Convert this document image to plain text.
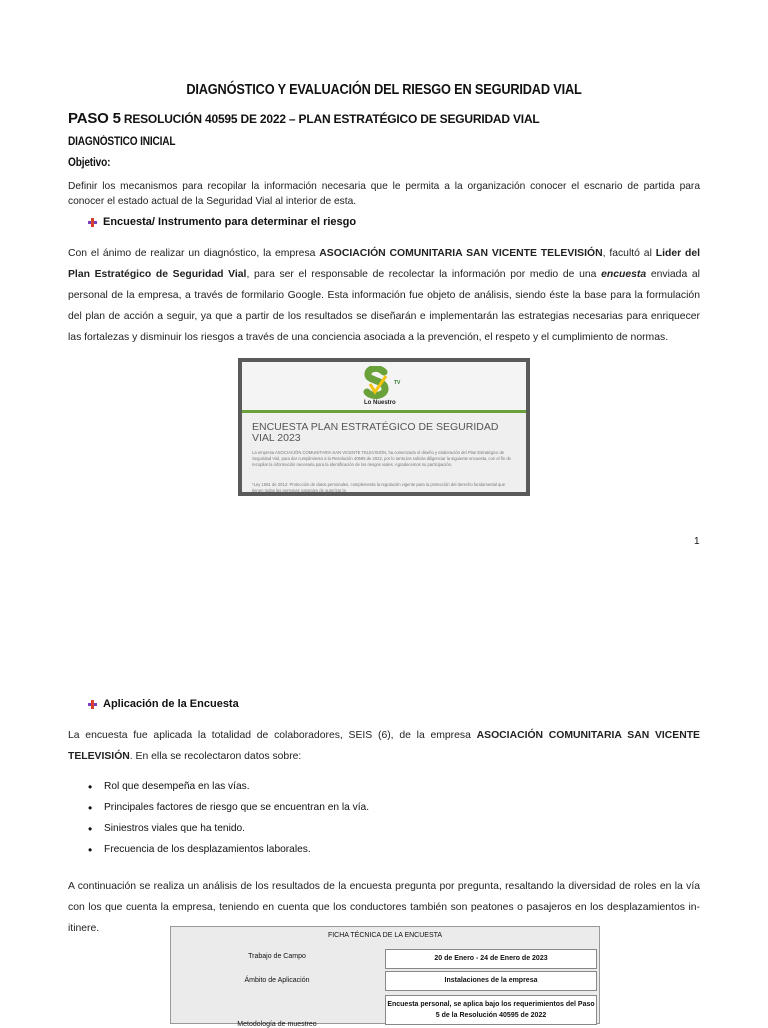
DIAGNÓSTICO Y EVALUACIÓN DEL RIESGO EN SEGURIDAD VIAL
PASO 5 RESOLUCIÓN 40595 DE 2022 – PLAN ESTRATÉGICO DE SEGURIDAD VIAL
DIAGNÓSTICO INICIAL
Objetivo:
Definir los mecanismos para recopilar la información necesaria que le permita a la organización conocer el escnario de partida para conocer el estado actual de la Seguridad Vial al interior de esta.
Encuesta/ Instrumento para determinar el riesgo
Con el ánimo de realizar un diagnóstico, la empresa ASOCIACIÓN COMUNITARIA SAN VICENTE TELEVISIÓN, facultó al Lider del Plan Estratégico de Seguridad Vial, para ser el responsable de recolectar la información por medio de una encuesta enviada al personal de la empresa, a través de formilario Google. Esta información fue objeto de análisis, siendo éste la base para la formulación del plan de acción a seguir, ya que a partir de los resultados se diseñarán e implementarán las estrategias necesarias para enriquecer las fortalezas y disminuir los riesgos a través de una conciencia asociada a la prevención, el respeto y el cumplimiento de normas.
TV
Lo Nuestro
ENCUESTA PLAN ESTRATÉGICO DE SEGURIDAD VIAL 2023
La empresa ASOCIACIÓN COMUNITARIA SAN VICENTE TELEVISIÓN, ha comenzado el diseño y elaboración del Plan Estratégico de Seguridad Vial, para dar cumplimiento a la Resolución 40595 de 2022, por lo tanto,les solicita diligenciar la siguiente encuesta, con el fin de recopilar la información necesaria para la identificación de los riesgos viales. Agradecemos su participación.
*Ley 1581 de 2012: Protección de datos personales, complementa la regulación vigente para la protección del derecho fundamental que tienen todas las personas naturales de autorizar la
1
Aplicación de la Encuesta
La encuesta fue aplicada la totalidad de colaboradores, SEIS (6), de la empresa ASOCIACIÓN COMUNITARIA SAN VICENTE TELEVISIÓN. En ella se recolectaron datos sobre:
• Rol que desempeña en las vías.
• Principales factores de riesgo que se encuentran en la vía.
• Siniestros viales que ha tenido.
• Frecuencia de los desplazamientos laborales.
A continuación se realiza un análisis de los resultados de la encuesta pregunta por pregunta, resaltando la diversidad de roles en la vía con los que cuenta la empresa, teniendo en cuenta que los conductores también son peatones o pasajeros en los desplazamientos in-itinere.
FICHA TÉCNICA DE LA ENCUESTA
Trabajo de Campo	20 de Enero - 24 de Enero de 2023
Ámbito de Aplicación	Instalaciones de la empresa
Metodología de muestreo
Encuesta personal, se aplica bajo los requerimientos del Paso 5 de la Resolución 40595 de 2022
